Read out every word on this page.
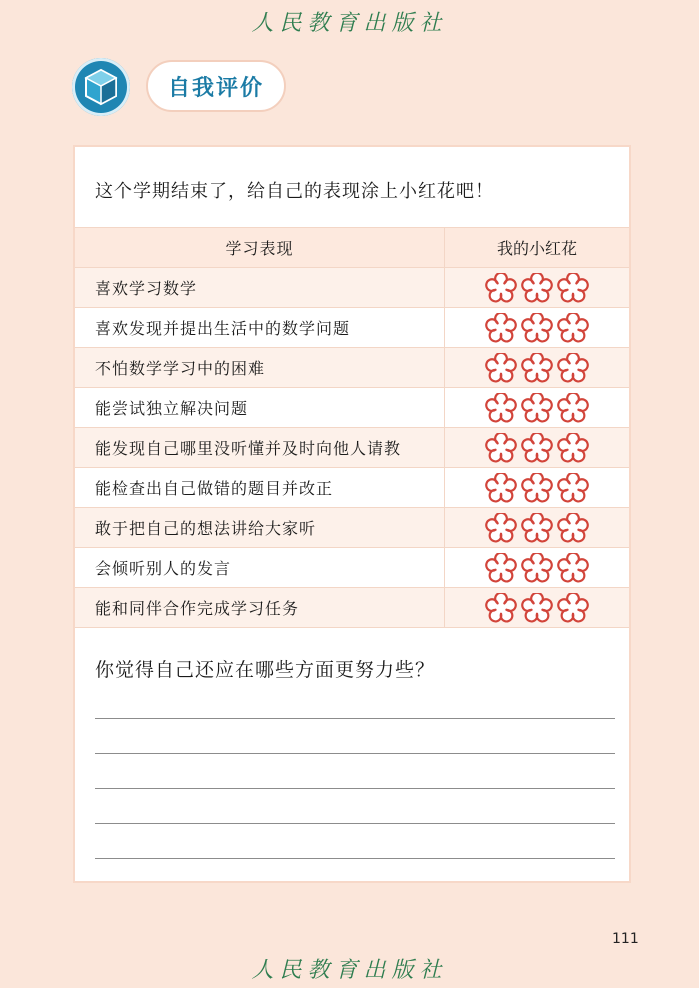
人民教育出版社
自我评价
这个学期结束了，给自己的表现涂上小红花吧！
学习表现	我的小红花
喜欢学习数学
喜欢发现并提出生活中的数学问题
不怕数学学习中的困难
能尝试独立解决问题
能发现自己哪里没听懂并及时向他人请教
能检查出自己做错的题目并改正
敢于把自己的想法讲给大家听
会倾听别人的发言
能和同伴合作完成学习任务
你觉得自己还应在哪些方面更努力些？
111
人民教育出版社
